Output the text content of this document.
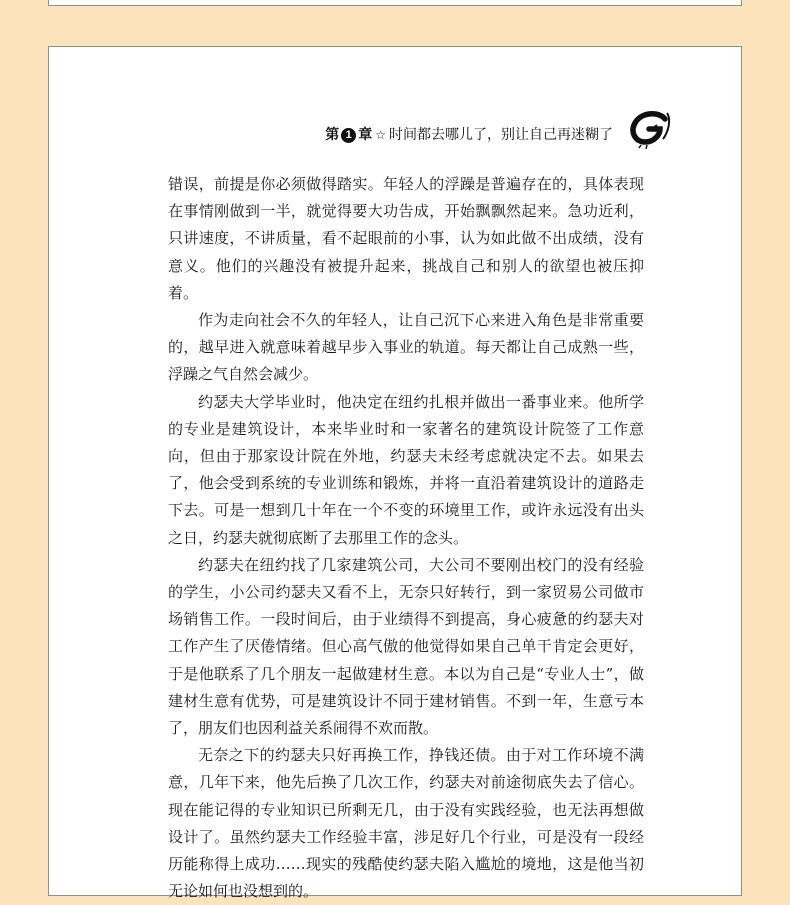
第 1 章 ☆ 时间都去哪儿了，别让自己再迷糊了

错误，前提是你必须做得踏实。年轻人的浮躁是普遍存在的，具体表现在事情刚做到一半，就觉得要大功告成，开始飘飘然起来。急功近利，只讲速度，不讲质量，看不起眼前的小事，认为如此做不出成绩，没有意义。他们的兴趣没有被提升起来，挑战自己和别人的欲望也被压抑着。

作为走向社会不久的年轻人，让自己沉下心来进入角色是非常重要的，越早进入就意味着越早步入事业的轨道。每天都让自己成熟一些，浮躁之气自然会减少。

约瑟夫大学毕业时，他决定在纽约扎根并做出一番事业来。他所学的专业是建筑设计，本来毕业时和一家著名的建筑设计院签了工作意向，但由于那家设计院在外地，约瑟夫未经考虑就决定不去。如果去了，他会受到系统的专业训练和锻炼，并将一直沿着建筑设计的道路走下去。可是一想到几十年在一个不变的环境里工作，或许永远没有出头之日，约瑟夫就彻底断了去那里工作的念头。

约瑟夫在纽约找了几家建筑公司，大公司不要刚出校门的没有经验的学生，小公司约瑟夫又看不上，无奈只好转行，到一家贸易公司做市场销售工作。一段时间后，由于业绩得不到提高，身心疲惫的约瑟夫对工作产生了厌倦情绪。但心高气傲的他觉得如果自己单干肯定会更好，于是他联系了几个朋友一起做建材生意。本以为自己是“专业人士”，做建材生意有优势，可是建筑设计不同于建材销售。不到一年，生意亏本了，朋友们也因利益关系闹得不欢而散。

无奈之下的约瑟夫只好再换工作，挣钱还债。由于对工作环境不满意，几年下来，他先后换了几次工作，约瑟夫对前途彻底失去了信心。现在能记得的专业知识已所剩无几，由于没有实践经验，也无法再想做设计了。虽然约瑟夫工作经验丰富，涉足好几个行业，可是没有一段经历能称得上成功……现实的残酷使约瑟夫陷入尴尬的境地，这是他当初无论如何也没想到的。
